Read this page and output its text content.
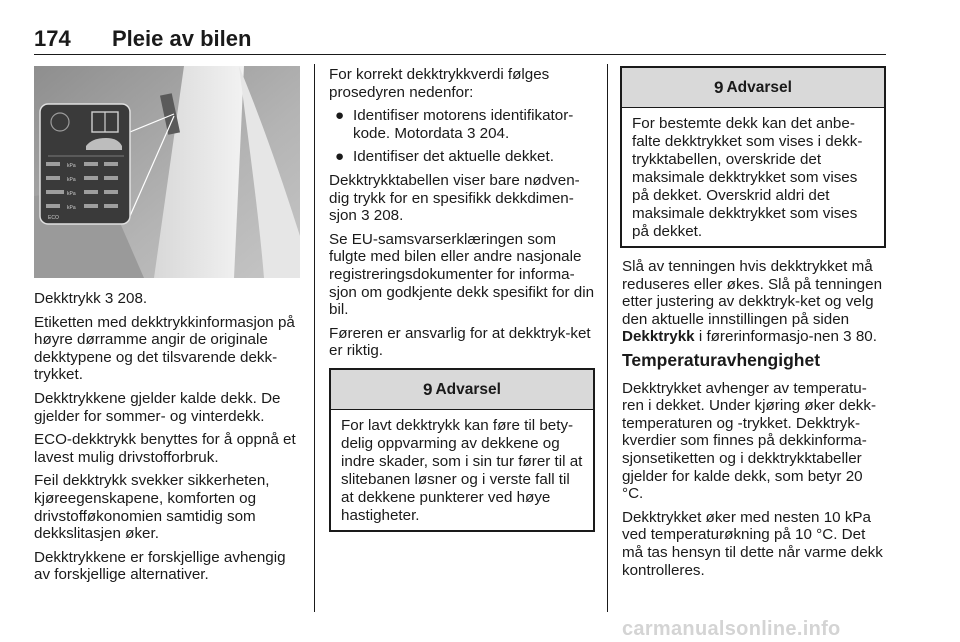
174 Pleie av bilen
kPa
kPa
kPa
kPa
ECO

Dekktrykk 3 208.

Etiketten med dekktrykkinformasjon på høyre dørramme angir de originale dekktypene og det tilsvarende dekk-trykket.

Dekktrykkene gjelder kalde dekk. De gjelder for sommer- og vinterdekk.

ECO-dekktrykk benyttes for å oppnå et lavest mulig drivstofforbruk.

Feil dekktrykk svekker sikkerheten, kjøreegenskapene, komforten og drivstofføkonomien samtidig som dekkslitasjen øker.

Dekktrykkene er forskjellige avhengig av forskjellige alternativer.

For korrekt dekktrykkverdi følges prosedyren nedenfor:

● Identifiser motorens identifikator-kode. Motordata 3 204.
● Identifiser det aktuelle dekket.

Dekktrykktabellen viser bare nødven-dig trykk for en spesifikk dekkdimen-sjon 3 208.

Se EU-samsvarserklæringen som fulgte med bilen eller andre nasjonale registreringsdokumenter for informa-sjon om godkjente dekk spesifikt for din bil.

Føreren er ansvarlig for at dekktryk-ket er riktig.

9 Advarsel
For lavt dekktrykk kan føre til bety-delig oppvarming av dekkene og indre skader, som i sin tur fører til at slitebanen løsner og i verste fall til at dekkene punkterer ved høye hastigheter.
9 Advarsel
For bestemte dekk kan det anbe-falte dekktrykket som vises i dekk-trykktabellen, overskride det maksimale dekktrykket som vises på dekket. Overskrid aldri det maksimale dekktrykket som vises på dekket.

Slå av tenningen hvis dekktrykket må reduseres eller økes. Slå på tenningen etter justering av dekktryk-ket og velg den aktuelle innstillingen på siden Dekktrykk i førerinformasjo-nen 3 80.

Temperaturavhengighet

Dekktrykket avhenger av temperatu-ren i dekket. Under kjøring øker dekk-temperaturen og -trykket. Dekktryk-kverdier som finnes på dekkinforma-sjonsetiketten og i dekktrykktabeller gjelder for kalde dekk, som betyr 20 °C.

Dekktrykket øker med nesten 10 kPa ved temperaturøkning på 10 °C. Det må tas hensyn til dette når varme dekk kontrolleres.

carmanualsonline.info
